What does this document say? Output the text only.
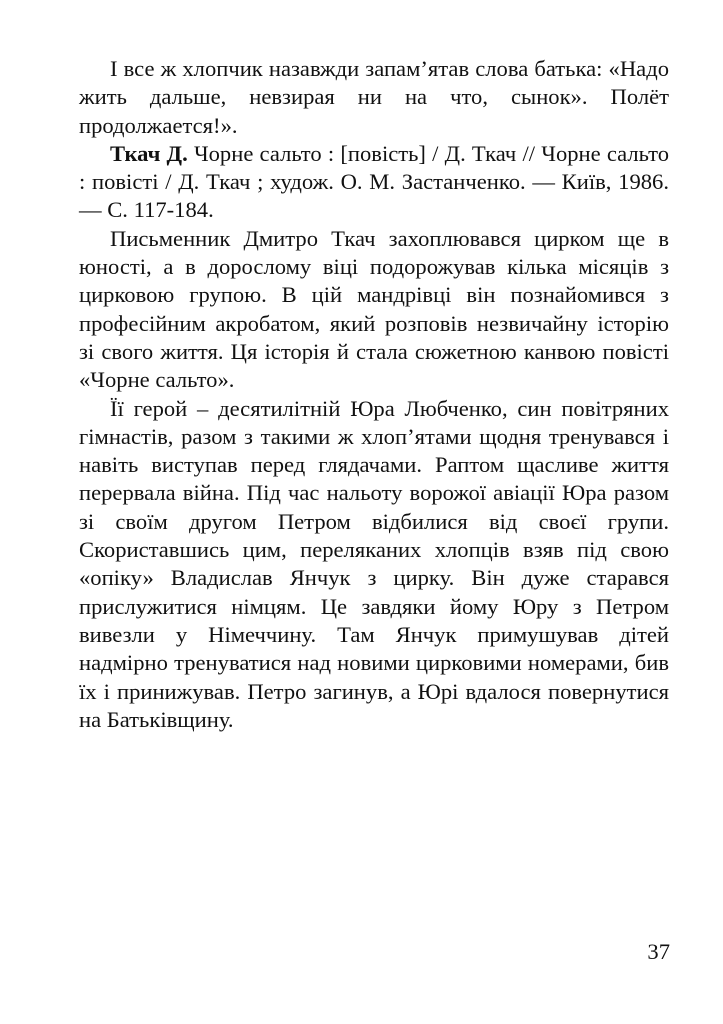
І все ж хлопчик назавжди запам’ятав слова батька: «Надо жить дальше, невзирая ни на что, сынок». Полёт продолжается!».

Ткач Д. Чорне сальто : [повість] / Д. Ткач // Чорне сальто : повісті / Д. Ткач ; худож. О. М. Застанченко. — Київ, 1986. — С. 117-184.

Письменник Дмитро Ткач захоплювався цирком ще в юності, а в дорослому віці подорожував кілька місяців з цирковою групою. В цій мандрівці він познайомився з професійним акробатом, який розповів незвичайну історію зі свого життя. Ця історія й стала сюжетною канвою повісті «Чорне сальто».

Її герой – десятилітній Юра Любченко, син повітряних гімнастів, разом з такими ж хлоп’ятами щодня тренувався і навіть виступав перед глядачами. Раптом щасливе життя перервала війна. Під час нальоту ворожої авіації Юра разом зі своїм другом Петром відбилися від своєї групи. Скориставшись цим, переляканих хлопців взяв під свою «опіку» Владислав Янчук з цирку. Він дуже старався прислужитися німцям. Це завдяки йому Юру з Петром вивезли у Німеччину. Там Янчук примушував дітей надмірно тренуватися над новими цирковими номерами, бив їх і принижував. Петро загинув, а Юрі вдалося повернутися на Батьківщину.

37
